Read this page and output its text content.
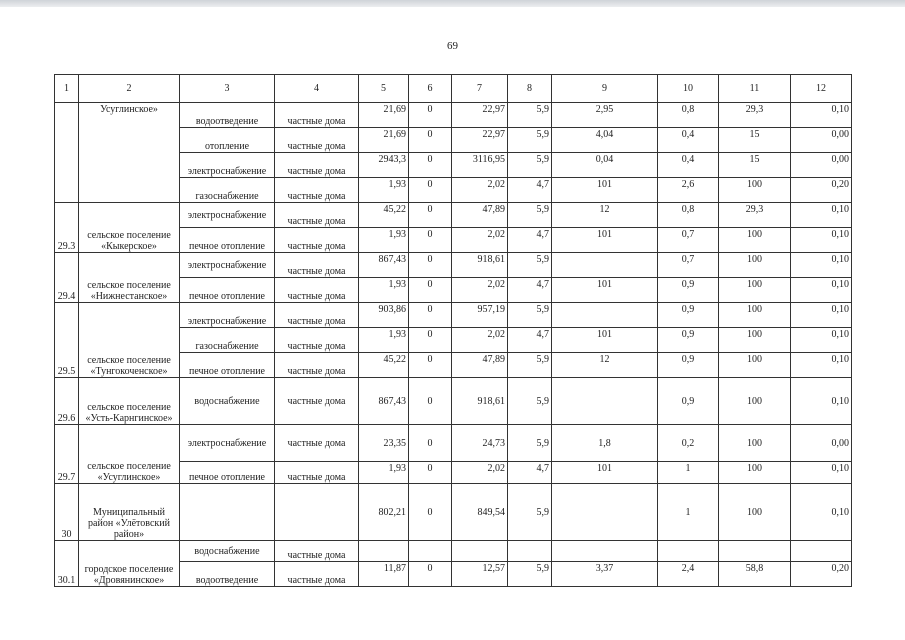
69
1	2	3	4	5	6	7	8	9	10	11	12
	Усуглинское»	водоотведение	частные дома	21,69	0	22,97	5,9	2,95	0,8	29,3	0,10
		отопление	частные дома	21,69	0	22,97	5,9	4,04	0,4	15	0,00
		электроснабжение	частные дома	2943,3	0	3116,95	5,9	0,04	0,4	15	0,00
		газоснабжение	частные дома	1,93	0	2,02	4,7	101	2,6	100	0,20
29.3	сельское поселение «Кыкерское»	электроснабжение	частные дома	45,22	0	47,89	5,9	12	0,8	29,3	0,10
		печное отопление	частные дома	1,93	0	2,02	4,7	101	0,7	100	0,10
29.4	сельское поселение «Нижнестанское»	электроснабжение	частные дома	867,43	0	918,61	5,9		0,7	100	0,10
		печное отопление	частные дома	1,93	0	2,02	4,7	101	0,9	100	0,10
29.5	сельское поселение «Тунгокоченское»	электроснабжение	частные дома	903,86	0	957,19	5,9		0,9	100	0,10
		газоснабжение	частные дома	1,93	0	2,02	4,7	101	0,9	100	0,10
		печное отопление	частные дома	45,22	0	47,89	5,9	12	0,9	100	0,10
29.6	сельское поселение «Усть-Карнгинское»	водоснабжение	частные дома	867,43	0	918,61	5,9		0,9	100	0,10
29.7	сельское поселение «Усуглинское»	электроснабжение	частные дома	23,35	0	24,73	5,9	1,8	0,2	100	0,00
		печное отопление	частные дома	1,93	0	2,02	4,7	101	1	100	0,10
30	Муниципальный район «Улётовский район»			802,21	0	849,54	5,9		1	100	0,10
30.1	городское поселение «Дровянинское»	водоснабжение	частные дома								
		водоотведение	частные дома	11,87	0	12,57	5,9	3,37	2,4	58,8	0,20
